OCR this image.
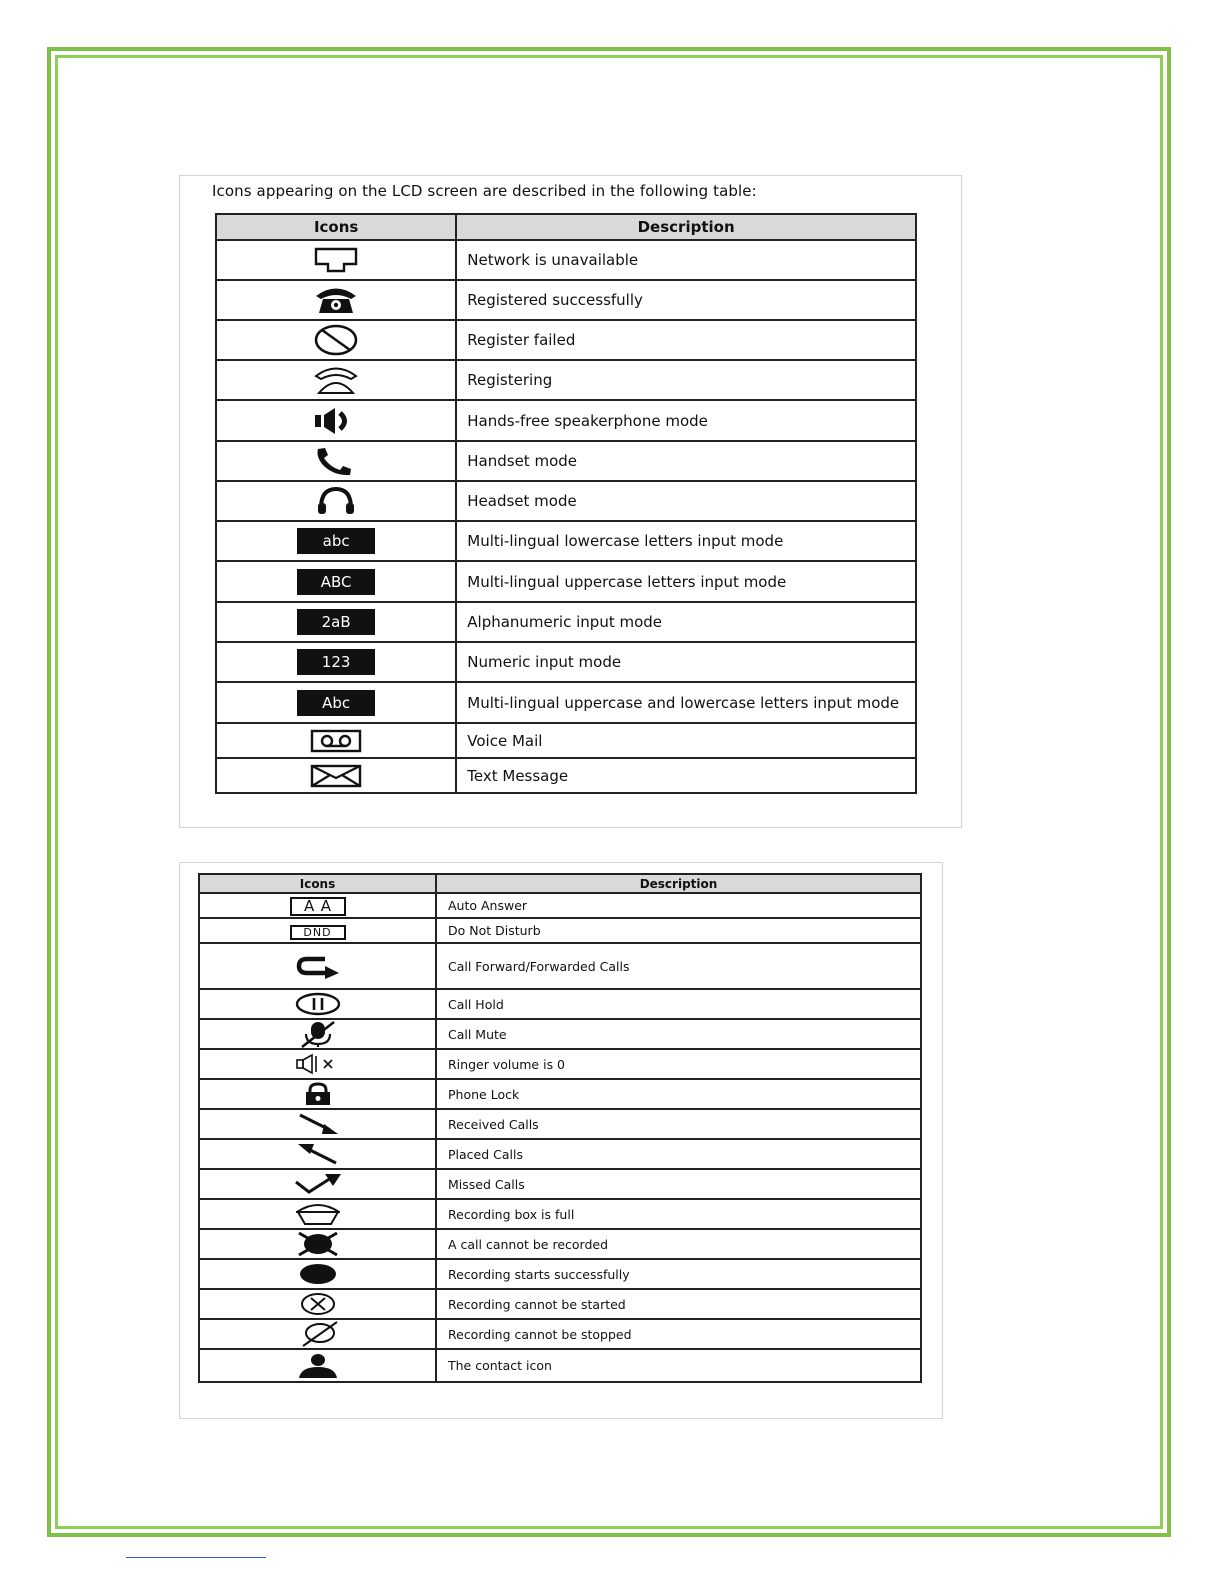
Icons appearing on the LCD screen are described in the following table:
Icons	Description
	Network is unavailable
	Registered successfully
	Register failed
	Registering
	Hands-free speakerphone mode
	Handset mode
	Headset mode
abc	Multi-lingual lowercase letters input mode
ABC	Multi-lingual uppercase letters input mode
2aB	Alphanumeric input mode
123	Numeric input mode
Abc	Multi-lingual uppercase and lowercase letters input mode
	Voice Mail
	Text Message
Icons	Description
AA	Auto Answer
DND	Do Not Disturb
	Call Forward/Forwarded Calls
	Call Hold
	Call Mute
	Ringer volume is 0
	Phone Lock
	Received Calls
	Placed Calls
	Missed Calls
	Recording box is full
	A call cannot be recorded
	Recording starts successfully
	Recording cannot be started
	Recording cannot be stopped
	The contact icon
